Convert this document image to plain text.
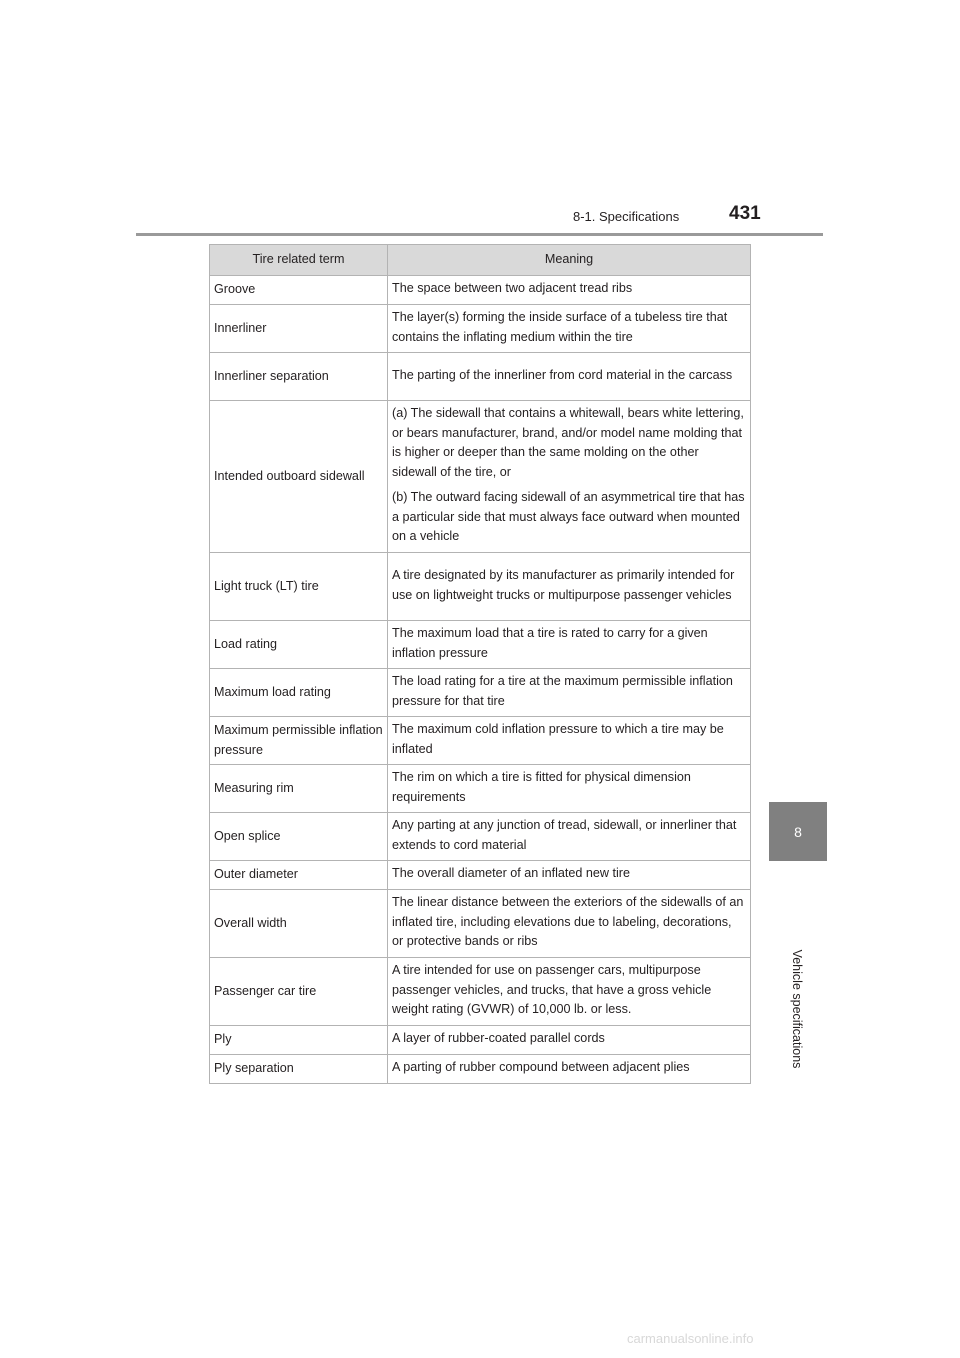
8-1. Specifications	431
8
Vehicle specifications
Tire related term	Meaning
Groove	The space between two adjacent tread ribs
Innerliner	The layer(s) forming the inside surface of a tubeless tire that contains the inflating medium within the tire
Innerliner separation	The parting of the innerliner from cord material in the carcass
Intended outboard sidewall	(a) The sidewall that contains a whitewall, bears white lettering, or bears manufacturer, brand, and/or model name molding that is higher or deeper than the same molding on the other sidewall of the tire, or

(b) The outward facing sidewall of an asymmetrical tire that has a particular side that must always face outward when mounted on a vehicle

Light truck (LT) tire	A tire designated by its manufacturer as primarily intended for use on lightweight trucks or multipurpose passenger vehicles
Load rating	The maximum load that a tire is rated to carry for a given inflation pressure
Maximum load rating	The load rating for a tire at the maximum permissible inflation pressure for that tire
Maximum permissible inflation pressure	The maximum cold inflation pressure to which a tire may be inflated
Measuring rim	The rim on which a tire is fitted for physical dimension requirements
Open splice	Any parting at any junction of tread, sidewall, or innerliner that extends to cord material
Outer diameter	The overall diameter of an inflated new tire
Overall width	The linear distance between the exteriors of the sidewalls of an inflated tire, including elevations due to labeling, decorations, or protective bands or ribs
Passenger car tire	A tire intended for use on passenger cars, multipurpose passenger vehicles, and trucks, that have a gross vehicle weight rating (GVWR) of 10,000 lb. or less.
Ply	A layer of rubber-coated parallel cords
Ply separation	A parting of rubber compound between adjacent plies
carmanualsonline.info
